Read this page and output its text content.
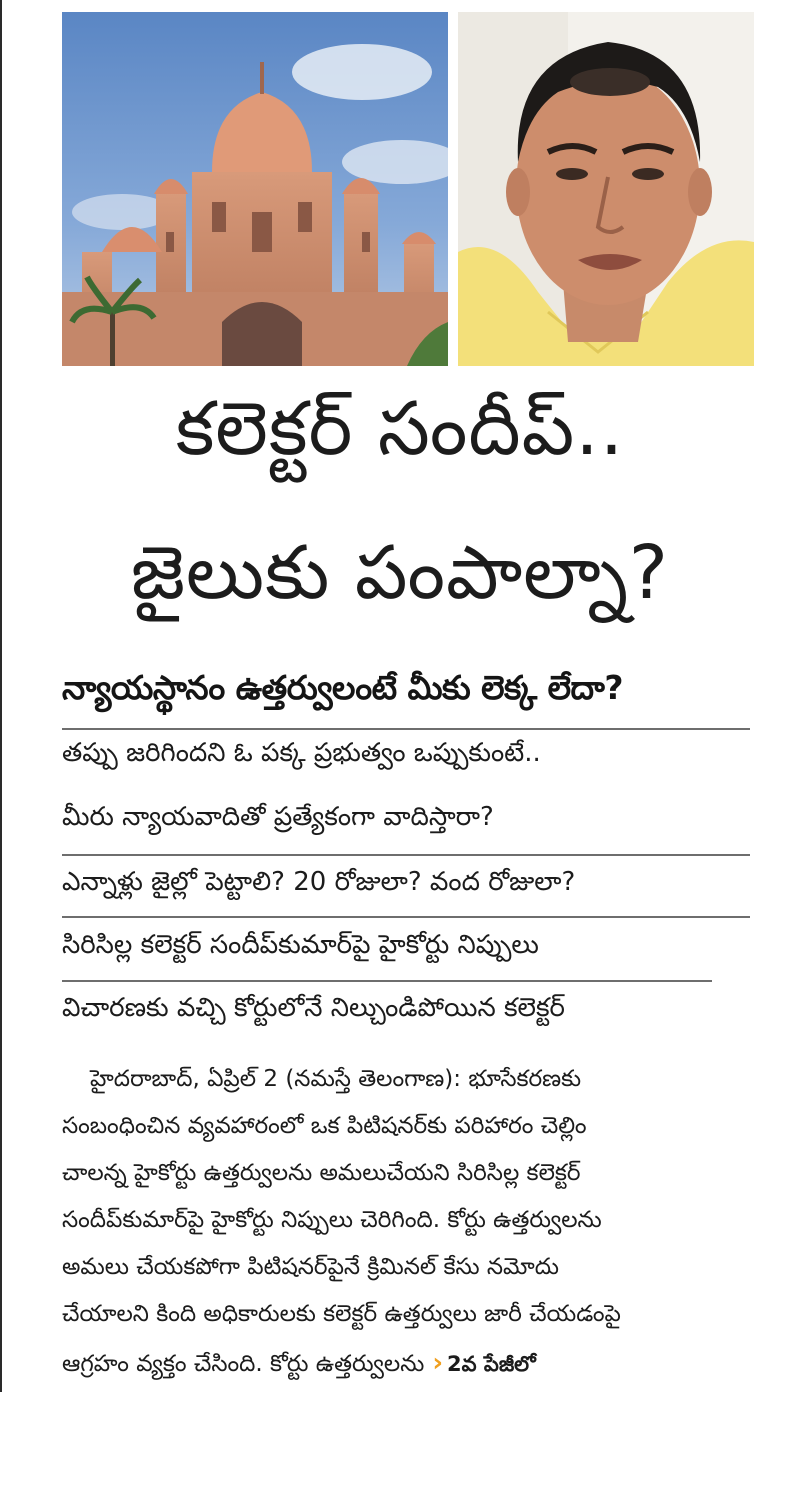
కలెక్టర్ సందీప్..
జైలుకు పంపాల్నా?
న్యాయస్థానం ఉత్తర్వులంటే మీకు లెక్క లేదా?
తప్పు జరిగిందని ఓ పక్క ప్రభుత్వం ఒప్పుకుంటే..
మీరు న్యాయవాదితో ప్రత్యేకంగా వాదిస్తారా?
ఎన్నాళ్లు జైల్లో పెట్టాలి? 20 రోజులా? వంద రోజులా?
సిరిసిల్ల కలెక్టర్ సందీప్‌కుమార్‌పై హైకోర్టు నిప్పులు
విచారణకు వచ్చి కోర్టులోనే నిల్చుండిపోయిన కలెక్టర్
హైదరాబాద్, ఏప్రిల్ 2 (నమస్తే తెలంగాణ): భూసేకరణకు
సంబంధించిన వ్యవహారంలో ఒక పిటిషనర్‌కు పరిహారం చెల్లిం
చాలన్న హైకోర్టు ఉత్తర్వులను అమలుచేయని సిరిసిల్ల కలెక్టర్
సందీప్‌కుమార్‌పై హైకోర్టు నిప్పులు చెరిగింది. కోర్టు ఉత్తర్వులను
అమలు చేయకపోగా పిటిషనర్‌పైనే క్రిమినల్ కేసు నమోదు
చేయాలని కింది అధికారులకు కలెక్టర్ ఉత్తర్వులు జారీ చేయడంపై
ఆగ్రహం వ్యక్తం చేసింది. కోర్టు ఉత్తర్వులను › 2వ పేజీలో
